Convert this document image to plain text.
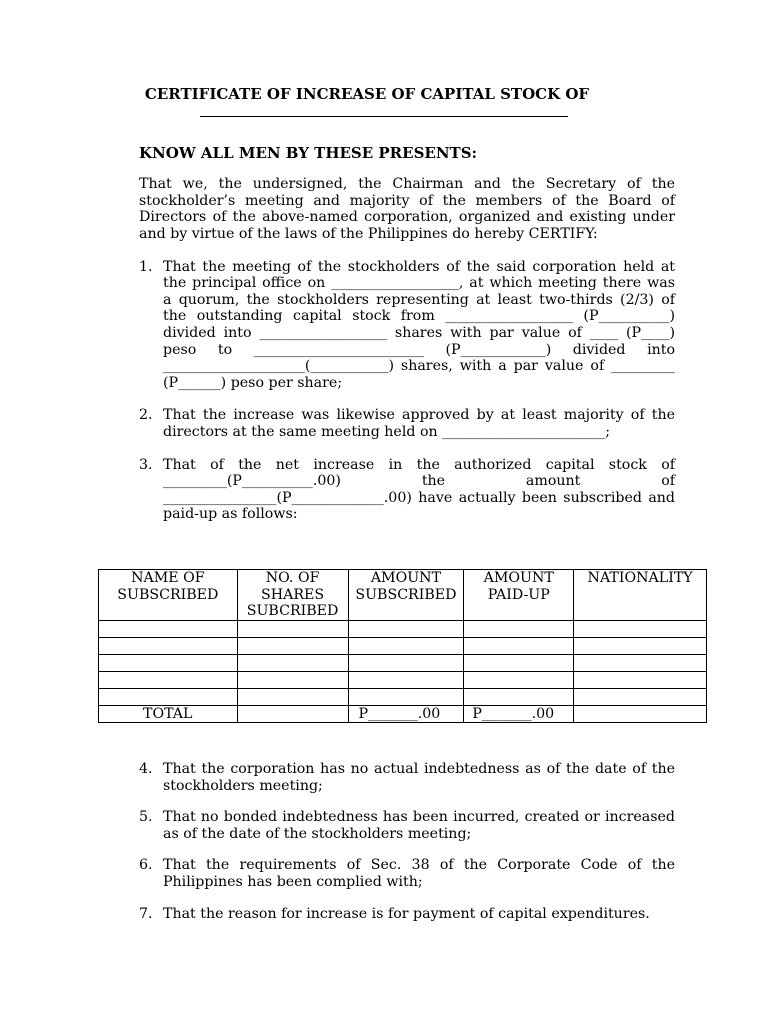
CERTIFICATE OF INCREASE OF CAPITAL STOCK OF

KNOW ALL MEN BY THESE PRESENTS:
That we, the undersigned, the Chairman and the Secretary of the stockholder’s meeting and majority of the members of the Board of Directors of the above-named corporation, organized and existing under and by virtue of the laws of the Philippines do hereby CERTIFY:
1. That the meeting of the stockholders of the said corporation held at the principal office on __________________, at which meeting there was a quorum, the stockholders representing at least two-thirds (2/3) of the outstanding capital stock from __________________ (P__________) divided into __________________ shares with par value of ____ (P____) peso to ________________________ (P____________) divided into ____________________(___________) shares, with a par value of _________ (P______) peso per share;
2. That the increase was likewise approved by at least majority of the directors at the same meeting held on _______________________;
3. That of the net increase in the authorized capital stock of _________(P__________.00) the amount of ________________(P_____________.00) have actually been subscribed and paid-up as follows:
NAME OF SUBSCRIBED	NO. OF SHARES SUBCRIBED	AMOUNT SUBSCRIBED	AMOUNT PAID-UP	NATIONALITY

TOTAL		P_______.00	P_______.00	
4. That the corporation has no actual indebtedness as of the date of the stockholders meeting;
5. That no bonded indebtedness has been incurred, created or increased as of the date of the stockholders meeting;
6. That the requirements of Sec. 38 of the Corporate Code of the Philippines has been complied with;
7. That the reason for increase is for payment of capital expenditures.
